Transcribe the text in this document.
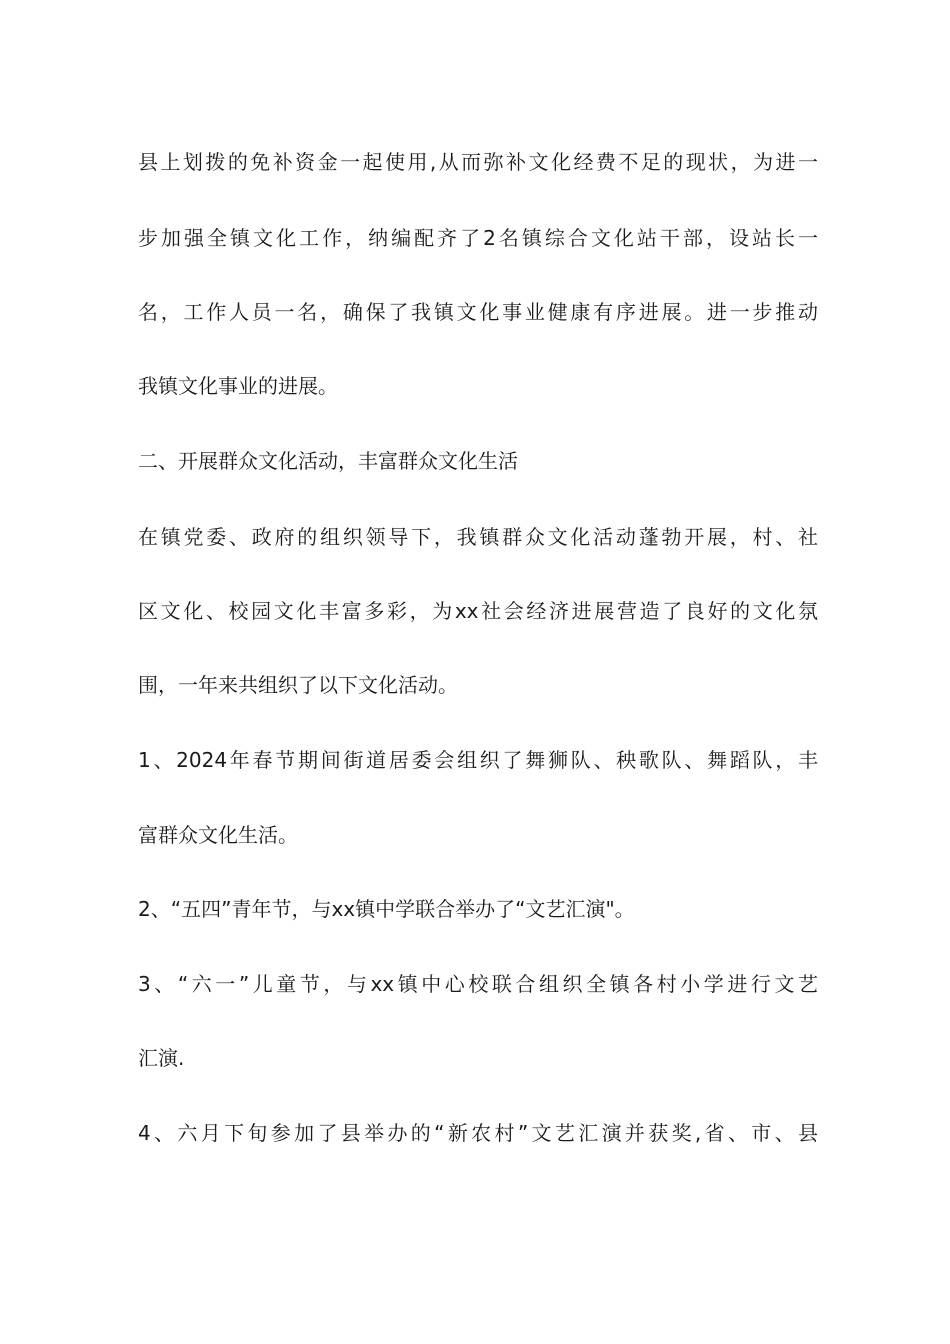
县上划拨的免补资金一起使用,从而弥补文化经费不足的现状，为进一
步加强全镇文化工作，纳编配齐了2名镇综合文化站干部，设站长一
名，工作人员一名，确保了我镇文化事业健康有序进展。进一步推动
我镇文化事业的进展。
二、开展群众文化活动，丰富群众文化生活
在镇党委、政府的组织领导下，我镇群众文化活动蓬勃开展，村、社
区文化、校园文化丰富多彩，为xx社会经济进展营造了良好的文化氛
围，一年来共组织了以下文化活动。
1、2024年春节期间街道居委会组织了舞狮队、秧歌队、舞蹈队，丰
富群众文化生活。
2、“五四”青年节，与xx镇中学联合举办了“文艺汇演"。
3、“六一”儿童节，与xx镇中心校联合组织全镇各村小学进行文艺
汇演.
4、六月下旬参加了县举办的“新农村”文艺汇演并获奖,省、市、县
